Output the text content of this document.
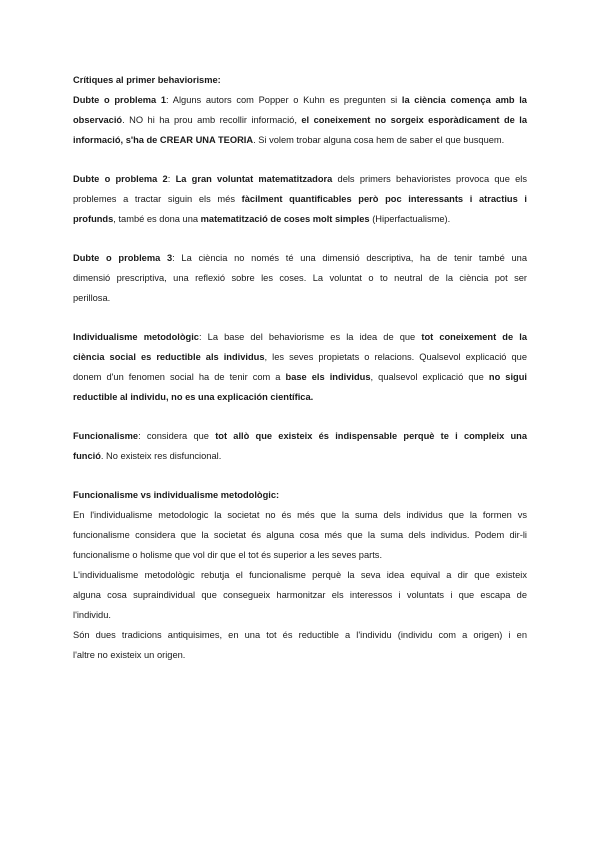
Crítiques al primer behaviorisme:
Dubte o problema 1: Alguns autors com Popper o Kuhn es pregunten si la ciència comença amb la
observació. NO hi ha prou amb recollir informació, el coneixement no sorgeix esporàdicament de la
informació, s'ha de CREAR UNA TEORIA. Si volem trobar alguna cosa hem de saber el que busquem.
Dubte o problema 2: La gran voluntat matematitzadora dels primers behavioristes provoca que els
problemes a tractar siguin els més fàcilment quantificables però poc interessants i atractius i
profunds, també es dona una matematització de coses molt simples (Hiperfactualisme).
Dubte o problema 3: La ciència no només té una dimensió descriptiva, ha de tenir també una
dimensió prescriptiva, una reflexió sobre les coses. La voluntat o to neutral de la ciència pot ser
perillosa.
Individualisme metodològic: La base del behaviorisme es la idea de que tot coneixement de la
ciència social es reductible als individus, les seves propietats o relacions. Qualsevol explicació que
donem d'un fenomen social ha de tenir com a base els individus, qualsevol explicació que no sigui
reductible al individu, no es una explicación científica.
Funcionalisme: considera que tot allò que existeix és indispensable perquè te i compleix una
funció. No existeix res disfuncional.
Funcionalisme vs individualisme metodològic:
En l'individualisme metodologic la societat no és més que la suma dels individus que la formen vs
funcionalisme considera que la societat és alguna cosa més que la suma dels individus. Podem dir-li
funcionalisme o holisme que vol dir que el tot és superior a les seves parts.
L'individualisme metodològic rebutja el funcionalisme perquè la seva idea equival a dir que existeix
alguna cosa supraindividual que consegueix harmonitzar els interessos i voluntats i que escapa de
l'individu.
Són dues tradicions antiquisimes, en una tot és reductible a l'individu (individu com a origen) i en
l'altre no existeix un origen.
